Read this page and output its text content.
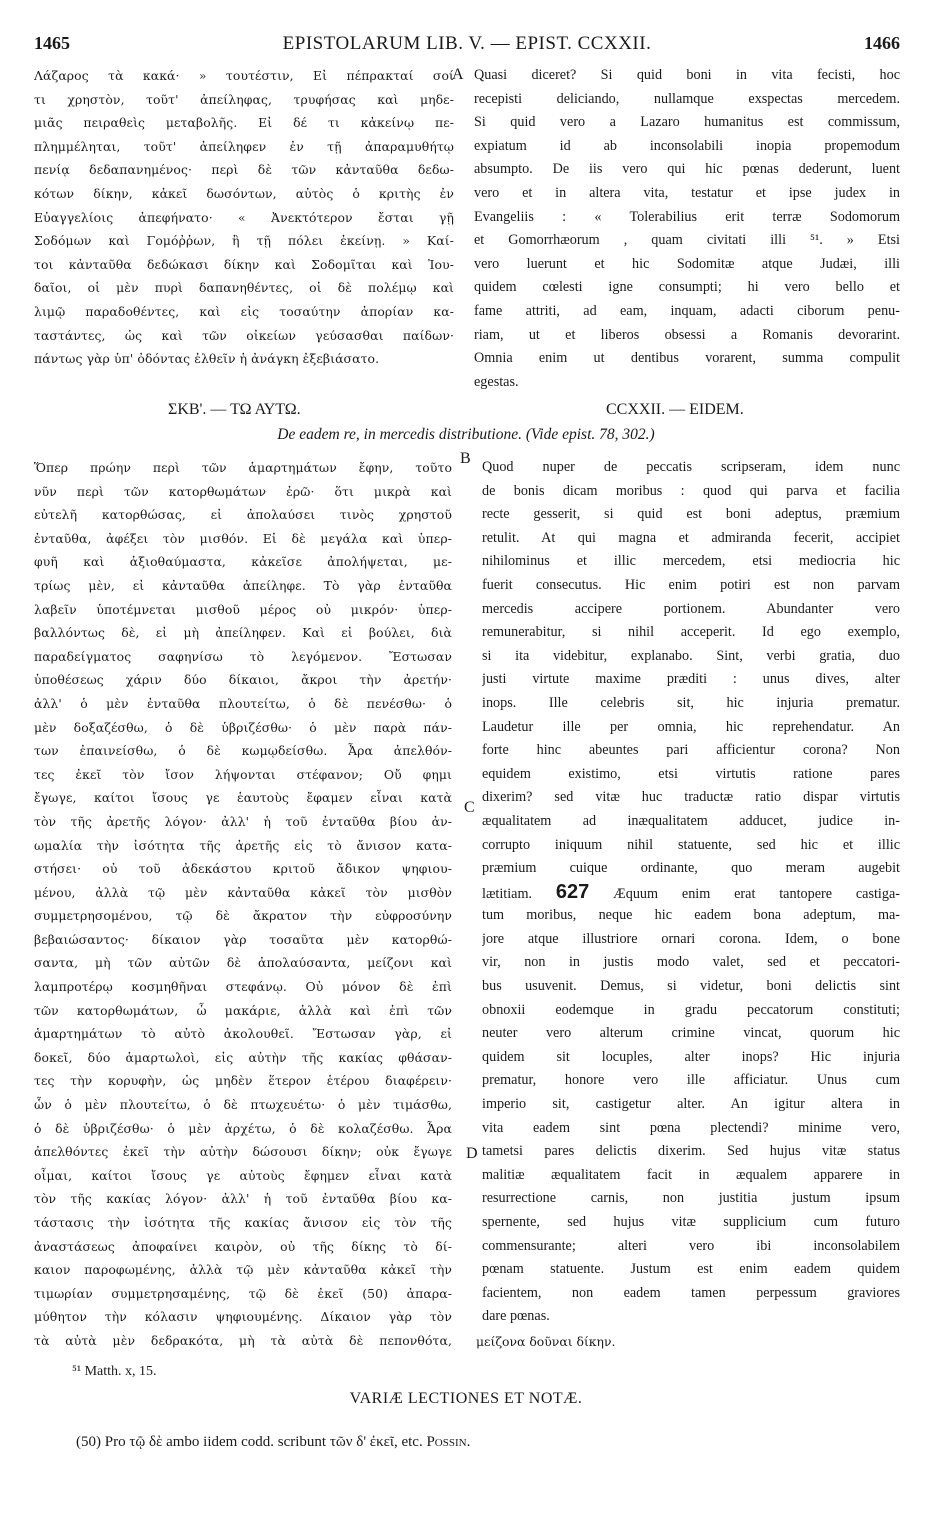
1465	EPISTOLARUM LIB. V. — EPIST. CCXXII.	1466
Λάζαρος τὰ κακά· » τουτέστιν, Εἰ πέπρακταί σοί
τι χρηστὸν, τοῦτ' ἀπείληφας, τρυφήσας καὶ μηδε-
μιᾶς πειραθεὶς μεταβολῆς. Εἰ δέ τι κἀκείνῳ πε-
πλημμέληται, τοῦτ' ἀπείληφεν ἐν τῇ ἀπαραμυθήτῳ
πενίᾳ δεδαπανημένος· περὶ δὲ τῶν κἀνταῦθα δεδω-
κότων δίκην, κἀκεῖ δωσόντων, αὐτὸς ὁ κριτὴς ἐν
Εὐαγγελίοις ἀπεφήνατο· « Ἀνεκτότερον ἔσται γῇ
Σοδόμων καὶ Γομόῤῥων, ἢ τῇ πόλει ἐκείνῃ. » Καί-
τοι κἀνταῦθα δεδώκασι δίκην καὶ Σοδομῖται καὶ Ἰου-
δαῖοι, οἱ μὲν πυρὶ δαπανηθέντες, οἱ δὲ πολέμῳ καὶ
λιμῷ παραδοθέντες, καὶ εἰς τοσαύτην ἀπορίαν κα-
ταστάντες, ὡς καὶ τῶν οἰκείων γεύσασθαι παίδων·
πάντως γὰρ ὑπ' ὀδόντας ἐλθεῖν ἡ ἀνάγκη ἐξεβιάσατο.
A Quasi diceret? Si quid boni in vita fecisti, hoc
recepisti deliciando, nullamque exspectas mercedem.
Si quid vero a Lazaro humanitus est commissum,
expiatum id ab inconsolabili inopia propemodum
absumpto. De iis vero qui hic pœnas dederunt, luent
vero et in altera vita, testatur et ipse judex in
Evangeliis : « Tolerabilius erit terræ Sodomorum
et Gomorrhæorum , quam civitati illi ⁵¹. » Etsi
vero luerunt et hic Sodomitæ atque Judæi, illi
quidem cœlesti igne consumpti; hi vero bello et
fame attriti, ad eam, inquam, adacti ciborum penu-
riam, ut et liberos obsessi a Romanis devorarint.
Omnia enim ut dentibus vorarent, summa compulit
egestas.
ΣΚΒ'. — ΤΩ ΑΥΤΩ.	CCXXII. — EIDEM.
De eadem re, in mercedis distributione. (Vide epist. 78, 302.)
Ὅπερ πρώην περὶ τῶν ἁμαρτημάτων ἔφην, τοῦτο
νῦν περὶ τῶν κατορθωμάτων ἐρῶ· ὅτι μικρὰ καὶ
εὐτελῆ κατορθώσας, εἰ ἀπολαύσει τινὸς χρηστοῦ
ἐνταῦθα, ἀφέξει τὸν μισθόν. Εἰ δὲ μεγάλα καὶ ὑπερ-
φυῆ καὶ ἀξιοθαύμαστα, κἀκεῖσε ἀπολήψεται, με-
τρίως μὲν, εἰ κἀνταῦθα ἀπείληφε. Τὸ γὰρ ἐνταῦθα
λαβεῖν ὑποτέμνεται μισθοῦ μέρος οὐ μικρόν· ὑπερ-
βαλλόντως δὲ, εἰ μὴ ἀπείληφεν. Καὶ εἰ βούλει, διὰ
παραδείγματος σαφηνίσω τὸ λεγόμενον. Ἔστωσαν
ὑποθέσεως χάριν δύο δίκαιοι, ἄκροι τὴν ἀρετήν·
ἀλλ' ὁ μὲν ἐνταῦθα πλουτείτω, ὁ δὲ πενέσθω· ὁ
μὲν δοξαζέσθω, ὁ δὲ ὑβριζέσθω· ὁ μὲν παρὰ πάν-
των ἐπαινείσθω, ὁ δὲ κωμῳδείσθω. Ἆρα ἀπελθόν-
τες ἐκεῖ τὸν ἴσον λήψονται στέφανον; Οὔ φημι
ἔγωγε, καίτοι ἴσους γε ἑαυτοὺς ἔφαμεν εἶναι κατὰ
τὸν τῆς ἀρετῆς λόγον· ἀλλ' ἡ τοῦ ἐνταῦθα βίου ἀν-
ωμαλία τὴν ἰσότητα τῆς ἀρετῆς εἰς τὸ ἄνισον κατα-
στήσει· οὐ τοῦ ἀδεκάστου κριτοῦ ἄδικον ψηφιου-
μένου, ἀλλὰ τῷ μὲν κἀνταῦθα κἀκεῖ τὸν μισθὸν
συμμετρησομένου, τῷ δὲ ἄκρατον τὴν εὐφροσύνην
βεβαιώσαντος· δίκαιον γὰρ τοσαῦτα μὲν κατορθώ-
σαντα, μὴ τῶν αὐτῶν δὲ ἀπολαύσαντα, μείζονι καὶ
λαμπροτέρῳ κοσμηθῆναι στεφάνῳ. Οὐ μόνον δὲ ἐπὶ
τῶν κατορθωμάτων, ὦ μακάριε, ἀλλὰ καὶ ἐπὶ τῶν
ἁμαρτημάτων τὸ αὐτὸ ἀκολουθεῖ. Ἔστωσαν γὰρ, εἰ
δοκεῖ, δύο ἁμαρτωλοὶ, εἰς αὐτὴν τῆς κακίας φθάσαν-
τες τὴν κορυφὴν, ὡς μηδὲν ἕτερον ἑτέρου διαφέρειν·
ὧν ὁ μὲν πλουτείτω, ὁ δὲ πτωχευέτω· ὁ μὲν τιμάσθω,
ὁ δὲ ὑβριζέσθω· ὁ μὲν ἀρχέτω, ὁ δὲ κολαζέσθω. Ἆρα
ἀπελθόντες ἐκεῖ τὴν αὐτὴν δώσουσι δίκην; οὐκ ἔγωγε
οἶμαι, καίτοι ἴσους γε αὐτοὺς ἔφημεν εἶναι κατὰ
τὸν τῆς κακίας λόγον· ἀλλ' ἡ τοῦ ἐνταῦθα βίου κα-
τάστασις τὴν ἰσότητα τῆς κακίας ἄνισον εἰς τὸν τῆς
ἀναστάσεως ἀποφαίνει καιρὸν, οὐ τῆς δίκης τὸ δί-
καιον παροφωμένης, ἀλλὰ τῷ μὲν κἀνταῦθα κἀκεῖ τὴν
τιμωρίαν συμμετρησαμένης, τῷ δὲ ἐκεῖ (50) ἀπαρα-
μύθητον τὴν κόλασιν ψηφιουμένης. Δίκαιον γὰρ τὸν
τὰ αὐτὰ μὲν δεδρακότα, μὴ τὰ αὐτὰ δὲ πεπονθότα,
B
C
D
Quod nuper de peccatis scripseram, idem nunc
de bonis dicam moribus : quod qui parva et facilia
recte gesserit, si quid est boni adeptus, præmium
retulit. At qui magna et admiranda fecerit, accipiet
nihilominus et illic mercedem, etsi mediocria hic
fuerit consecutus. Hic enim potiri est non parvam
mercedis accipere portionem. Abundanter vero
remunerabitur, si nihil acceperit. Id ego exemplo,
si ita videbitur, explanabo. Sint, verbi gratia, duo
justi virtute maxime præditi : unus dives, alter
inops. Ille celebris sit, hic injuria prematur.
Laudetur ille per omnia, hic reprehendatur. An
forte hinc abeuntes pari afficientur corona? Non
equidem existimo, etsi virtutis ratione pares
dixerim? sed vitæ huc traductæ ratio dispar virtutis
æqualitatem ad inæqualitatem adducet, judice in-
corrupto iniquum nihil statuente, sed hic et illic
præmium cuique ordinante, quo meram augebit
lætitiam. 627 Æquum enim erat tantopere castiga-
tum moribus, neque hic eadem bona adeptum, ma-
jore atque illustriore ornari corona. Idem, o bone
vir, non in justis modo valet, sed et peccatori-
bus usuvenit. Demus, si videtur, boni delictis sint
obnoxii eodemque in gradu peccatorum constituti;
neuter vero alterum crimine vincat, quorum hic
quidem sit locuples, alter inops? Hic injuria
prematur, honore vero ille afficiatur. Unus cum
imperio sit, castigetur alter. An igitur altera in
vita eadem sint pœna plectendi? minime vero,
tametsi pares delictis dixerim. Sed hujus vitæ status
malitiæ æqualitatem facit in æqualem apparere in
resurrectione carnis, non justitia justum ipsum
spernente, sed hujus vitæ supplicium cum futuro
commensurante; alteri vero ibi inconsolabilem
pœnam statuente. Justum est enim eadem quidem
facientem, non eadem tamen perpessum graviores
dare pœnas.
μείζονα δοῦναι δίκην.
⁵¹ Matth. x, 15.
VARIÆ LECTIONES ET NOTÆ.
(50) Pro τῷ δὲ ambo iidem codd. scribunt τῶν δ' ἐκεῖ, etc. Possin.
